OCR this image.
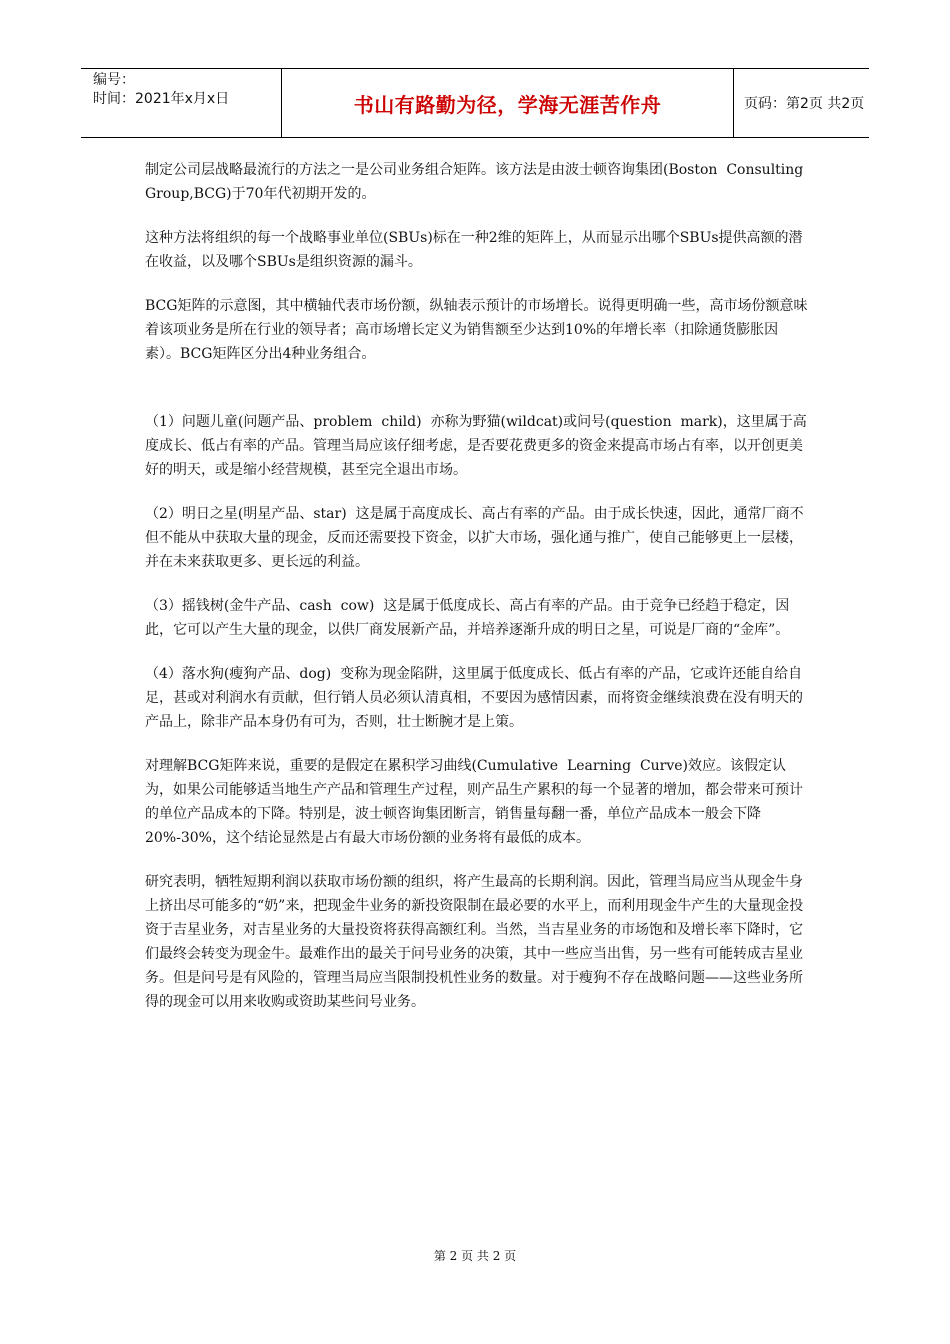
编号：
时间：2021年x月x日	书山有路勤为径，学海无涯苦作舟	页码：第2页 共2页

制定公司层战略最流行的方法之一是公司业务组合矩阵。该方法是由波士顿咨询集团(Boston  Consulting  Group,BCG)于70年代初期开发的。

这种方法将组织的每一个战略事业单位(SBUs)标在一种2维的矩阵上，从而显示出哪个SBUs提供高额的潜在收益，以及哪个SBUs是组织资源的漏斗。

BCG矩阵的示意图，其中横轴代表市场份额，纵轴表示预计的市场增长。说得更明确一些，高市场份额意味着该项业务是所在行业的领导者；高市场增长定义为销售额至少达到10%的年增长率（扣除通货膨胀因素）。BCG矩阵区分出4种业务组合。

（1）问题儿童(问题产品、problem  child)  亦称为野猫(wildcat)或问号(question  mark)，这里属于高度成长、低占有率的产品。管理当局应该仔细考虑，是否要花费更多的资金来提高市场占有率，以开创更美好的明天，或是缩小经营规模，甚至完全退出市场。

（2）明日之星(明星产品、star)  这是属于高度成长、高占有率的产品。由于成长快速，因此，通常厂商不但不能从中获取大量的现金，反而还需要投下资金，以扩大市场，强化通与推广，使自己能够更上一层楼，并在未来获取更多、更长远的利益。

（3）摇钱树(金牛产品、cash  cow)  这是属于低度成长、高占有率的产品。由于竞争已经趋于稳定，因此，它可以产生大量的现金，以供厂商发展新产品，并培养逐渐升成的明日之星，可说是厂商的“金库”。

（4）落水狗(瘦狗产品、dog)  变称为现金陷阱，这里属于低度成长、低占有率的产品，它或许还能自给自足，甚或对利润水有贡献，但行销人员必须认清真相，不要因为感情因素，而将资金继续浪费在没有明天的产品上，除非产品本身仍有可为，否则，壮士断腕才是上策。

对理解BCG矩阵来说，重要的是假定在累积学习曲线(Cumulative  Learning  Curve)效应。该假定认为，如果公司能够适当地生产产品和管理生产过程，则产品生产累积的每一个显著的增加，都会带来可预计的单位产品成本的下降。特别是，波士顿咨询集团断言，销售量每翻一番，单位产品成本一般会下降20%-30%，这个结论显然是占有最大市场份额的业务将有最低的成本。

研究表明，牺牲短期利润以获取市场份额的组织，将产生最高的长期利润。因此，管理当局应当从现金牛身上挤出尽可能多的“奶”来，把现金牛业务的新投资限制在最必要的水平上，而利用现金牛产生的大量现金投资于吉星业务，对吉星业务的大量投资将获得高额红利。当然，当吉星业务的市场饱和及增长率下降时，它们最终会转变为现金牛。最难作出的最关于问号业务的决策，其中一些应当出售，另一些有可能转成吉星业务。但是问号是有风险的，管理当局应当限制投机性业务的数量。对于瘦狗不存在战略问题——这些业务所得的现金可以用来收购或资助某些问号业务。

第 2 页 共 2 页
